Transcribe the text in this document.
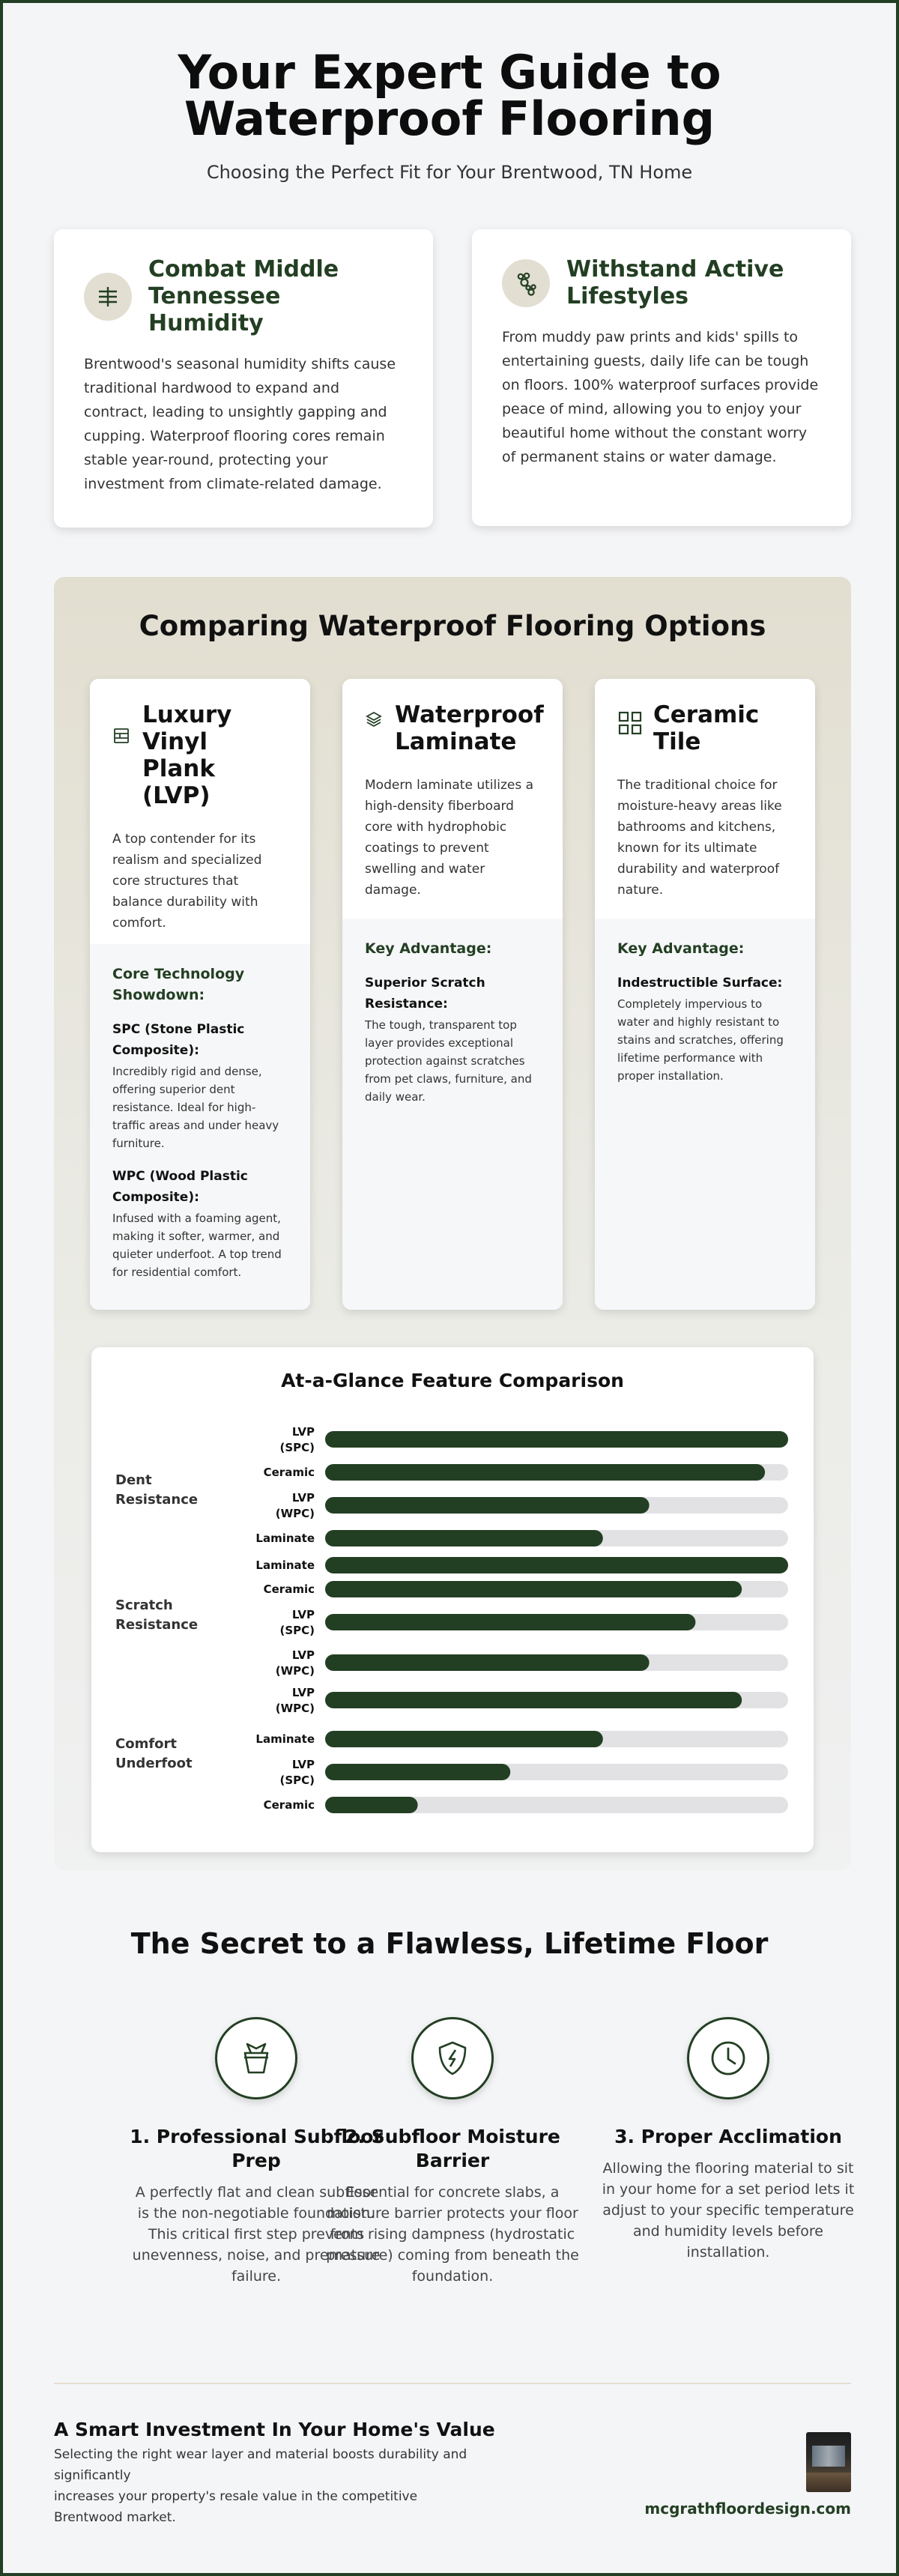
Your Expert Guide to Waterproof Flooring
Choosing the Perfect Fit for Your Brentwood, TN Home
Combat Middle Tennessee Humidity

Brentwood's seasonal humidity shifts cause traditional hardwood to expand and contract, leading to unsightly gapping and cupping. Waterproof flooring cores remain stable year-round, protecting your investment from climate-related damage.

Withstand Active Lifestyles

From muddy paw prints and kids' spills to entertaining guests, daily life can be tough on floors. 100% waterproof surfaces provide peace of mind, allowing you to enjoy your beautiful home without the constant worry of permanent stains or water damage.

Comparing Waterproof Flooring Options
Luxury Vinyl Plank (LVP)

A top contender for its realism and specialized core structures that balance durability with comfort.

Core Technology Showdown:
SPC (Stone Plastic Composite):
Incredibly rigid and dense, offering superior dent resistance. Ideal for high-traffic areas and under heavy furniture.
WPC (Wood Plastic Composite):
Infused with a foaming agent, making it softer, warmer, and quieter underfoot. A top trend for residential comfort.
Waterproof Laminate

Modern laminate utilizes a high-density fiberboard core with hydrophobic coatings to prevent swelling and water damage.

Key Advantage:
Superior Scratch Resistance:
The tough, transparent top layer provides exceptional protection against scratches from pet claws, furniture, and daily wear.
Ceramic Tile

The traditional choice for moisture-heavy areas like bathrooms and kitchens, known for its ultimate durability and waterproof nature.

Key Advantage:
Indestructible Surface:
Completely impervious to water and highly resistant to stains and scratches, offering lifetime performance with proper installation.
At-a-Glance Feature Comparison
Dent Resistance
LVP (SPC)
Ceramic
LVP (WPC)
Laminate
Scratch Resistance
Laminate
Ceramic
LVP (SPC)
LVP (WPC)
Comfort Underfoot
LVP (WPC)
Laminate
LVP (SPC)
Ceramic
The Secret to a Flawless, Lifetime Floor
1. Professional Subfloor Prep

A perfectly flat and clean subfloor is the non-negotiable foundation. This critical first step prevents unevenness, noise, and premature failure.

2. Subfloor Moisture Barrier

Essential for concrete slabs, a moisture barrier protects your floor from rising dampness (hydrostatic pressure) coming from beneath the foundation.

3. Proper Acclimation

Allowing the flooring material to sit in your home for a set period lets it adjust to your specific temperature and humidity levels before installation.

A Smart Investment In Your Home's Value
Selecting the right wear layer and material boosts durability and significantly
increases your property's resale value in the competitive Brentwood market.	mcgrathfloordesign.com
